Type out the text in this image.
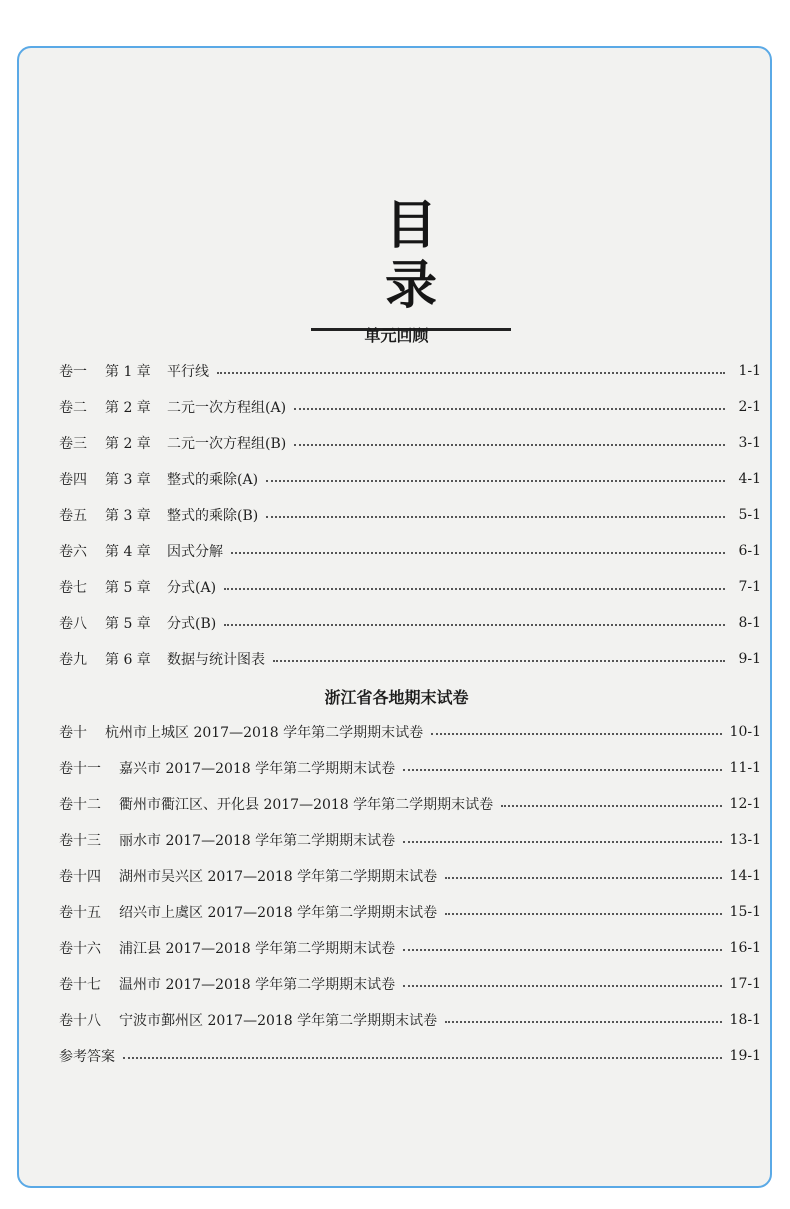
目 录
单元回顾
卷一	第 1 章	平行线	1-1
卷二	第 2 章	二元一次方程组(A)	2-1
卷三	第 2 章	二元一次方程组(B)	3-1
卷四	第 3 章	整式的乘除(A)	4-1
卷五	第 3 章	整式的乘除(B)	5-1
卷六	第 4 章	因式分解	6-1
卷七	第 5 章	分式(A)	7-1
卷八	第 5 章	分式(B)	8-1
卷九	第 6 章	数据与统计图表	9-1
浙江省各地期末试卷
卷十	杭州市上城区 2017—2018 学年第二学期期末试卷	10-1
卷十一	嘉兴市 2017—2018 学年第二学期期末试卷	11-1
卷十二	衢州市衢江区、开化县 2017—2018 学年第二学期期末试卷	12-1
卷十三	丽水市 2017—2018 学年第二学期期末试卷	13-1
卷十四	湖州市吴兴区 2017—2018 学年第二学期期末试卷	14-1
卷十五	绍兴市上虞区 2017—2018 学年第二学期期末试卷	15-1
卷十六	浦江县 2017—2018 学年第二学期期末试卷	16-1
卷十七	温州市 2017—2018 学年第二学期期末试卷	17-1
卷十八	宁波市鄞州区 2017—2018 学年第二学期期末试卷	18-1
参考答案	19-1
